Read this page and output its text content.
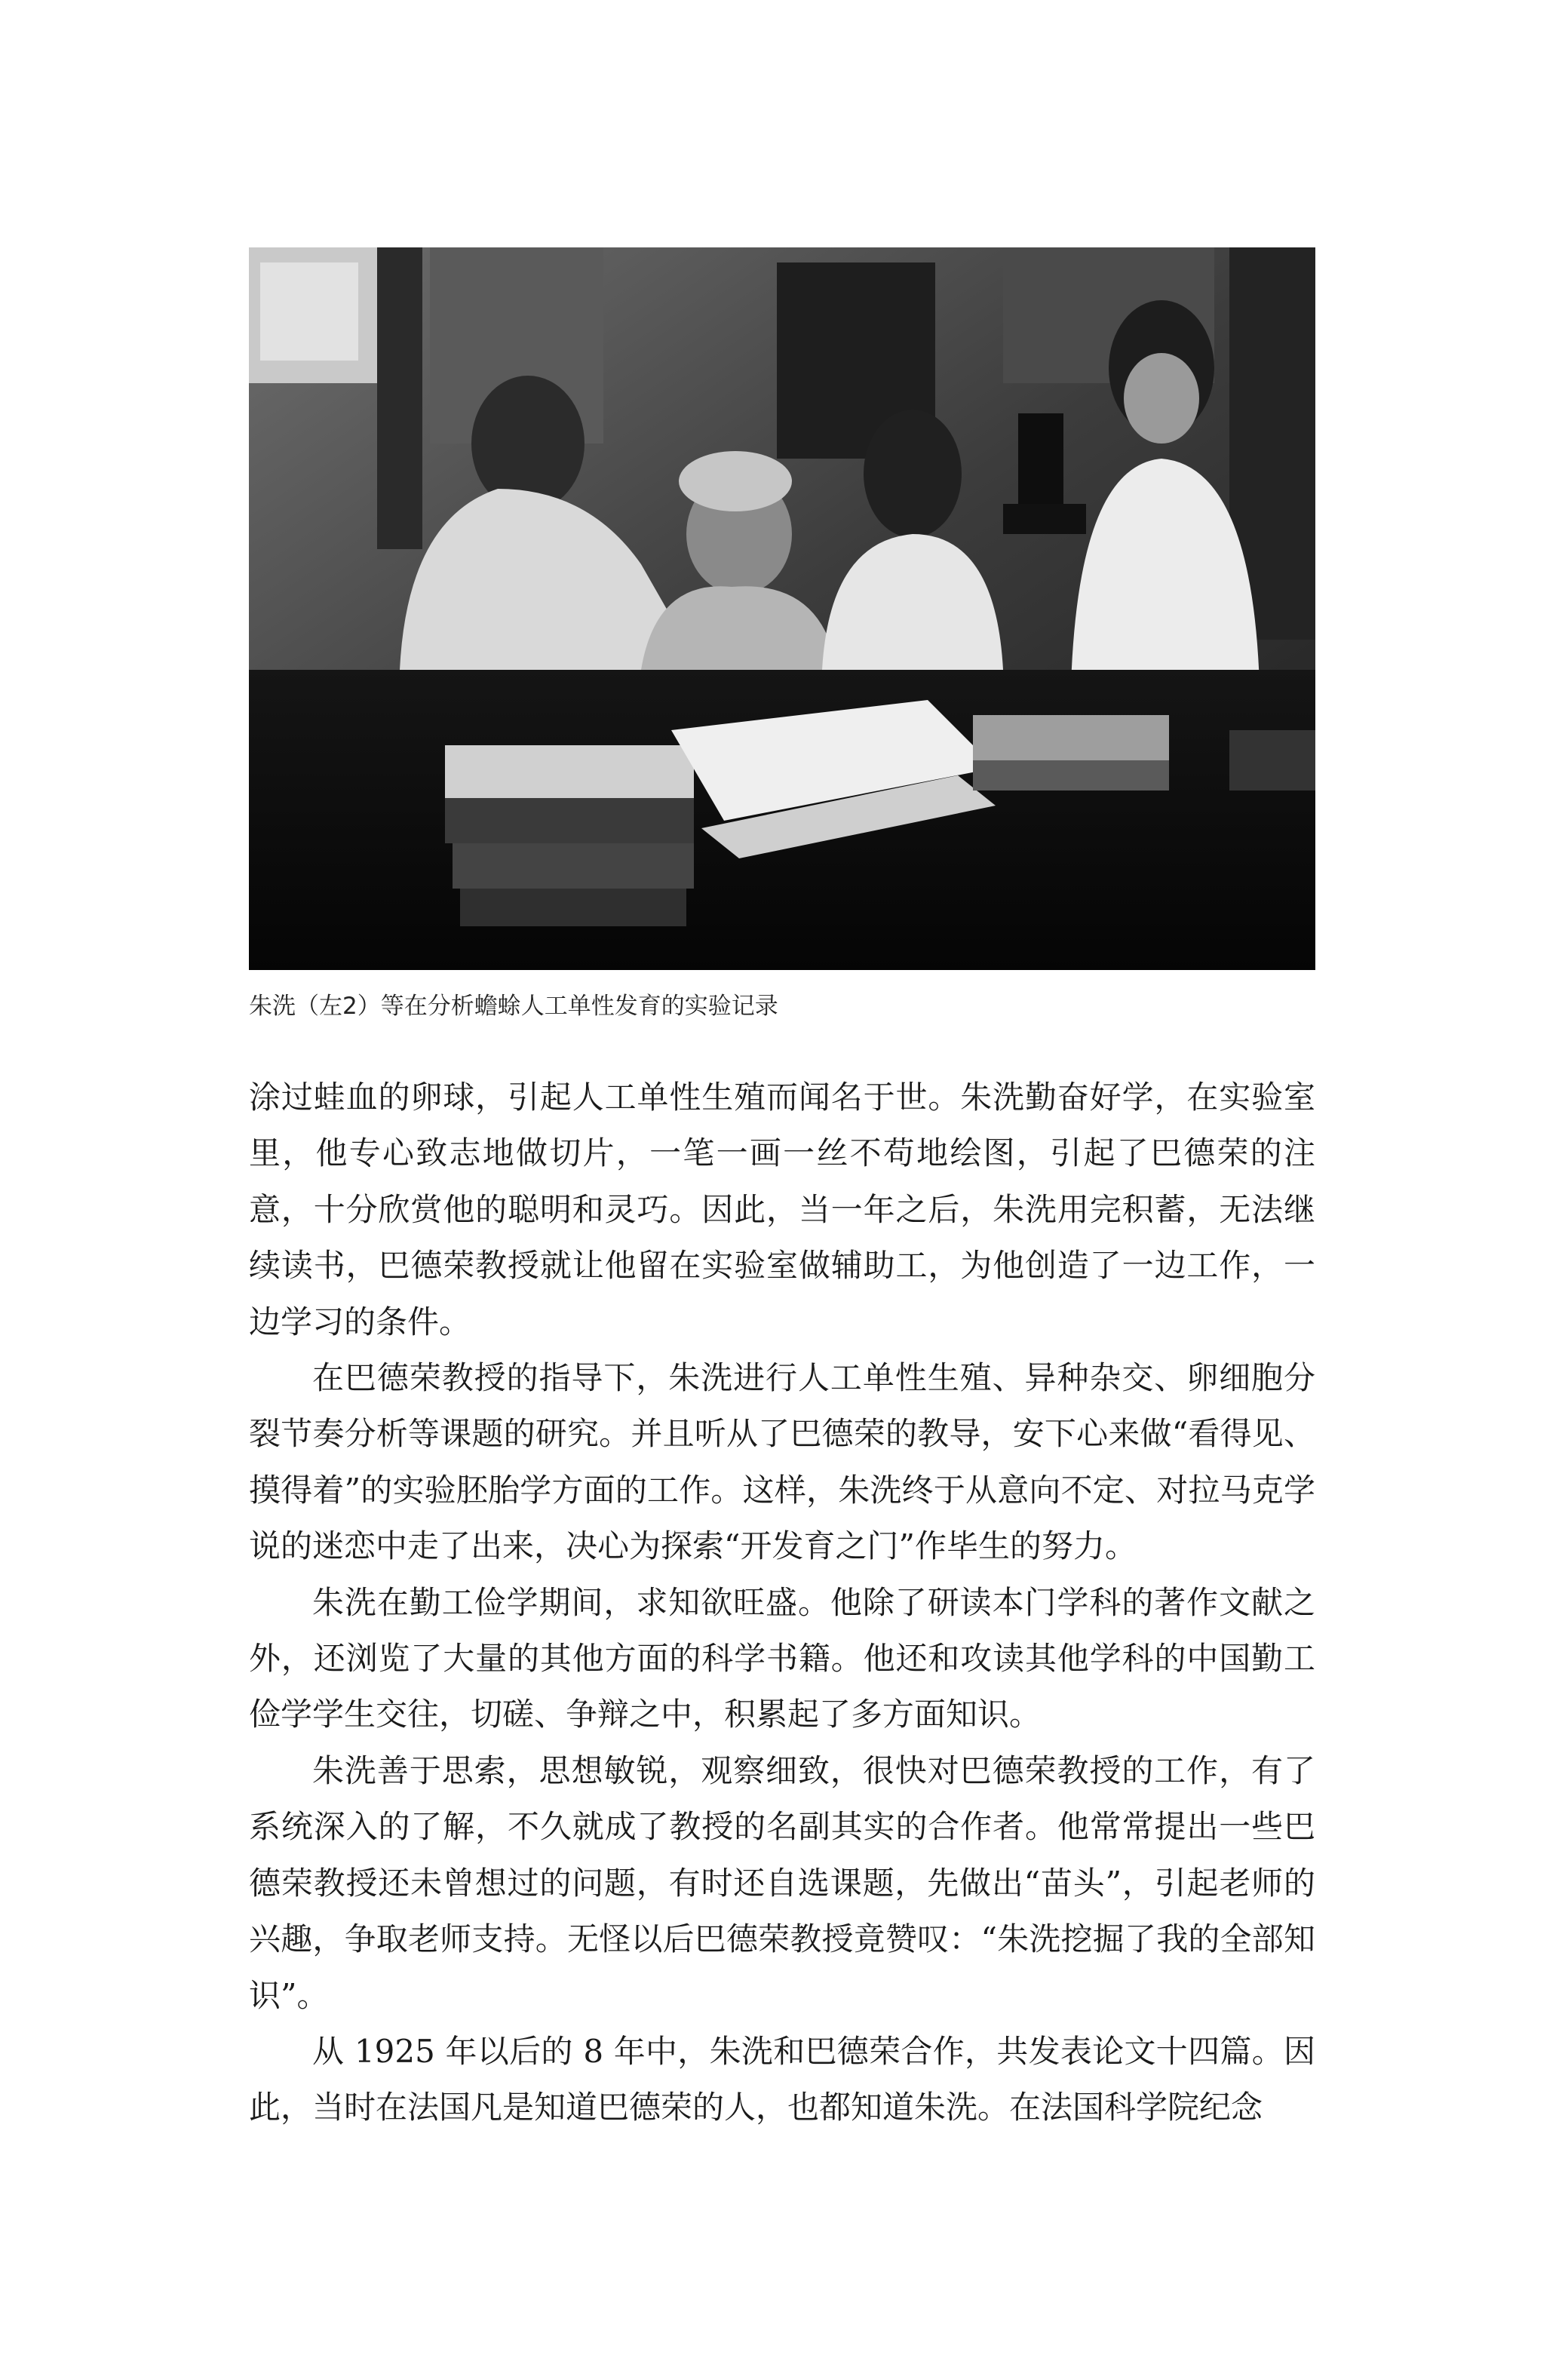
朱洗（左2）等在分析蟾蜍人工单性发育的实验记录

涂过蛙血的卵球，引起人工单性生殖而闻名于世。朱洗勤奋好学，在实验室里，他专心致志地做切片，一笔一画一丝不苟地绘图，引起了巴德荣的注意，十分欣赏他的聪明和灵巧。因此，当一年之后，朱洗用完积蓄，无法继续读书，巴德荣教授就让他留在实验室做辅助工，为他创造了一边工作，一边学习的条件。

在巴德荣教授的指导下，朱洗进行人工单性生殖、异种杂交、卵细胞分裂节奏分析等课题的研究。并且听从了巴德荣的教导，安下心来做“看得见、摸得着”的实验胚胎学方面的工作。这样，朱洗终于从意向不定、对拉马克学说的迷恋中走了出来，决心为探索“开发育之门”作毕生的努力。

朱洗在勤工俭学期间，求知欲旺盛。他除了研读本门学科的著作文献之外，还浏览了大量的其他方面的科学书籍。他还和攻读其他学科的中国勤工俭学学生交往，切磋、争辩之中，积累起了多方面知识。

朱洗善于思索，思想敏锐，观察细致，很快对巴德荣教授的工作，有了系统深入的了解，不久就成了教授的名副其实的合作者。他常常提出一些巴德荣教授还未曾想过的问题，有时还自选课题，先做出“苗头”，引起老师的兴趣，争取老师支持。无怪以后巴德荣教授竟赞叹：“朱洗挖掘了我的全部知识”。

从 1925 年以后的 8 年中，朱洗和巴德荣合作，共发表论文十四篇。因此，当时在法国凡是知道巴德荣的人，也都知道朱洗。在法国科学院纪念
